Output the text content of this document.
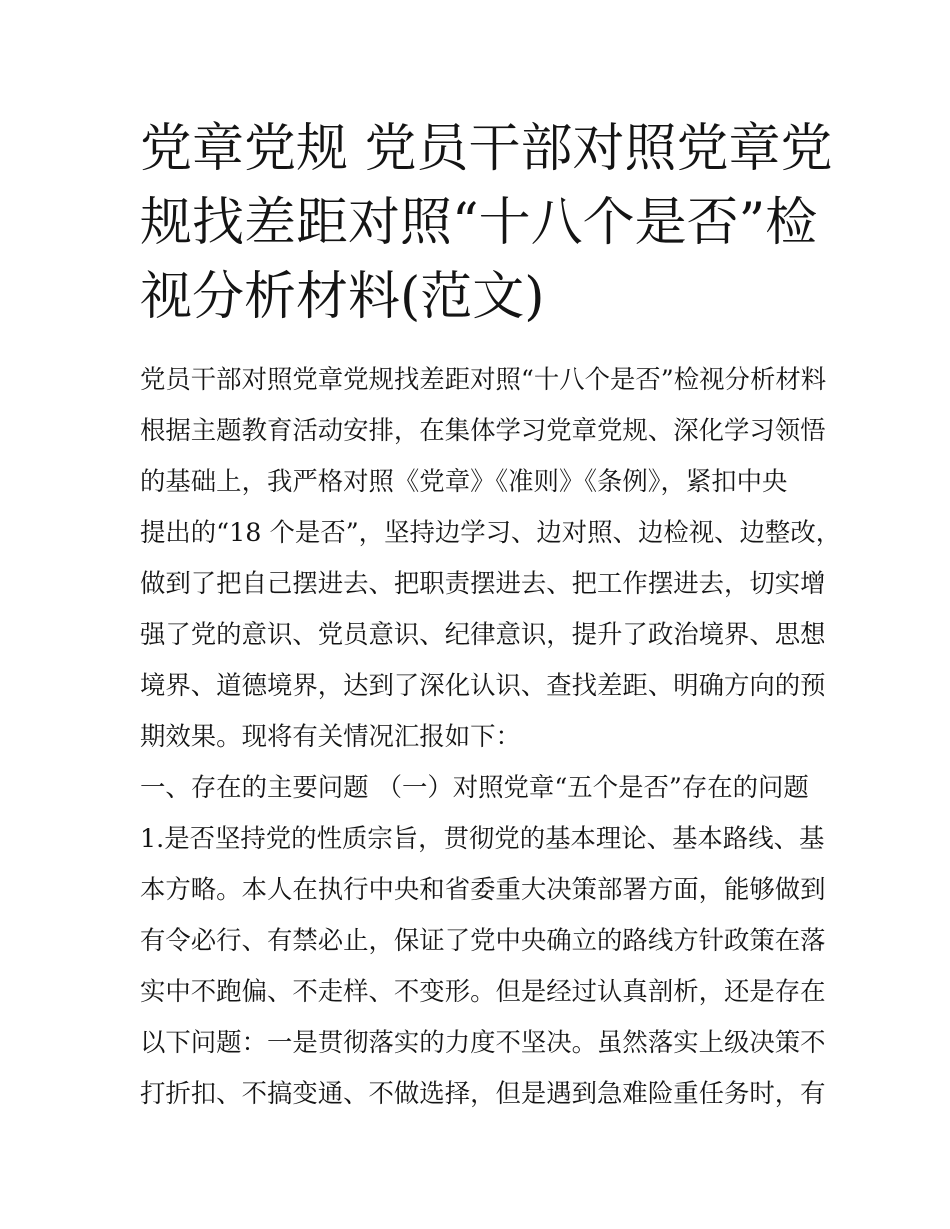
党章党规 党员干部对照党章党
规找差距对照“十八个是否”检
视分析材料(范文)
党员干部对照党章党规找差距对照“十八个是否”检视分析材料
根据主题教育活动安排，在集体学习党章党规、深化学习领悟
的基础上，我严格对照《党章》《准则》《条例》，紧扣中央
提出的“18 个是否”，坚持边学习、边对照、边检视、边整改，
做到了把自己摆进去、把职责摆进去、把工作摆进去，切实增
强了党的意识、党员意识、纪律意识，提升了政治境界、思想
境界、道德境界，达到了深化认识、查找差距、明确方向的预
期效果。现将有关情况汇报如下：
一、存在的主要问题 （一）对照党章“五个是否”存在的问题
1.是否坚持党的性质宗旨，贯彻党的基本理论、基本路线、基
本方略。本人在执行中央和省委重大决策部署方面，能够做到
有令必行、有禁必止，保证了党中央确立的路线方针政策在落
实中不跑偏、不走样、不变形。但是经过认真剖析，还是存在
以下问题：一是贯彻落实的力度不坚决。虽然落实上级决策不
打折扣、不搞变通、不做选择，但是遇到急难险重任务时，有
